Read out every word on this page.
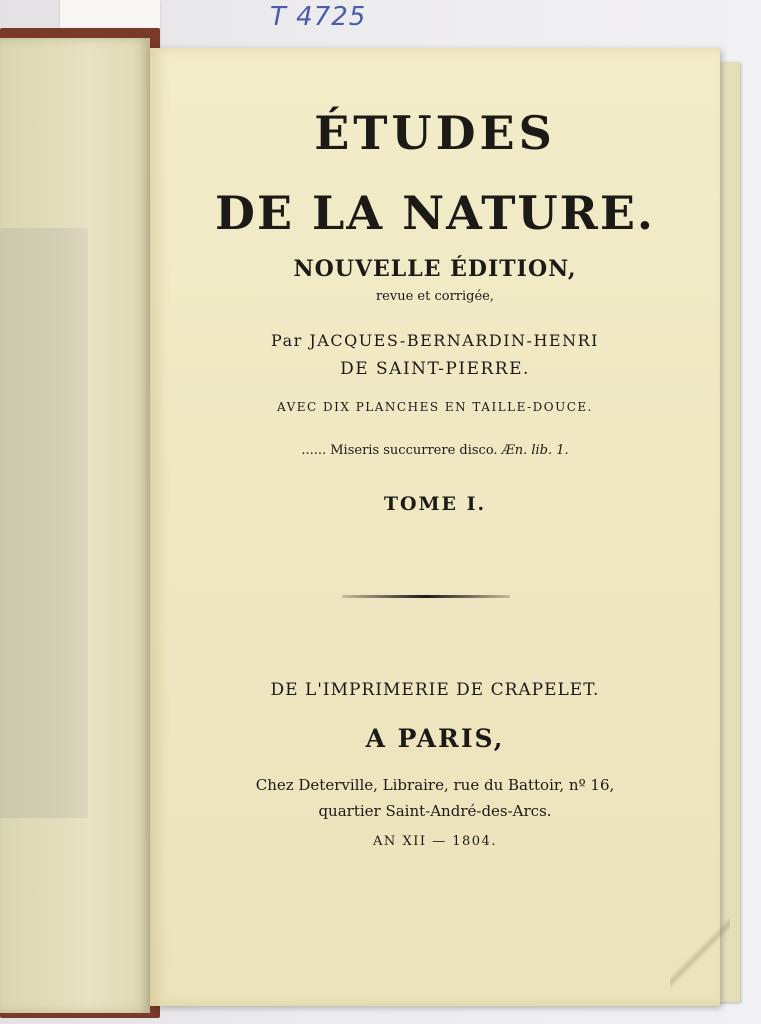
T 4725
ÉTUDES
DE LA NATURE.
NOUVELLE ÉDITION,
revue et corrigée,
Par JACQUES-BERNARDIN-HENRI
DE SAINT-PIERRE.
AVEC DIX PLANCHES EN TAILLE-DOUCE.
...... Miseris succurrere disco. Æn. lib. 1.
TOME I.
DE L'IMPRIMERIE DE CRAPELET.
A PARIS,
Chez Deterville, Libraire, rue du Battoir, nº 16,
quartier Saint-André-des-Arcs.
AN XII — 1804.
